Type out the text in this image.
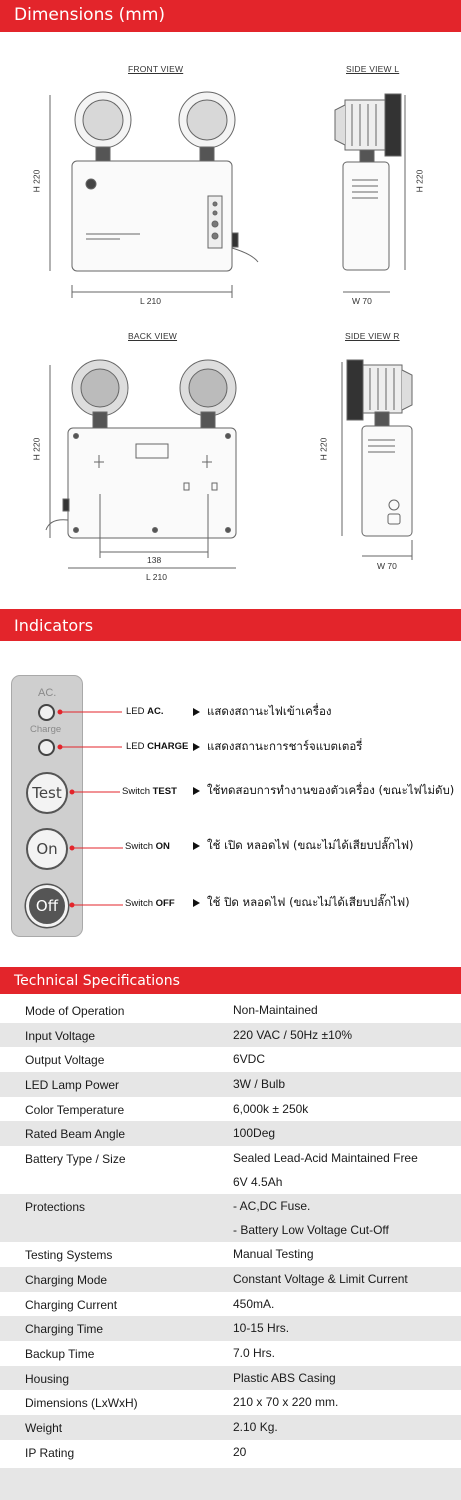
Dimensions (mm)
FRONT VIEW	SIDE VIEW L
BACK VIEW	SIDE VIEW R
H 220
L 210
H 220
W 70
H 220
138
L 210
H 220
W 70
Indicators
AC.
Charge
Test
On
Off
LED AC.	แสดงสถานะไฟเข้าเครื่อง
LED CHARGE	แสดงสถานะการชาร์จแบตเตอรี่
Switch TEST	ใช้ทดสอบการทำงานของตัวเครื่อง (ขณะไฟไม่ดับ)
Switch ON	ใช้ เปิด หลอดไฟ (ขณะไม่ได้เสียบปลั๊กไฟ)
Switch OFF	ใช้ ปิด หลอดไฟ (ขณะไม่ได้เสียบปลั๊กไฟ)
Technical Specifications
Mode of Operation	Non-Maintained
Input Voltage	220 VAC / 50Hz ±10%
Output Voltage	6VDC
LED Lamp Power	3W / Bulb
Color Temperature	6,000k ± 250k
Rated Beam Angle	100Deg
Battery Type / Size	Sealed Lead-Acid Maintained Free
6V 4.5Ah
Protections	- AC,DC Fuse.
- Battery Low Voltage Cut-Off
Testing Systems	Manual Testing
Charging Mode	Constant Voltage & Limit Current
Charging Current	450mA.
Charging Time	10-15 Hrs.
Backup Time	7.0 Hrs.
Housing	Plastic ABS Casing
Dimensions (LxWxH)	210 x 70 x 220 mm.
Weight	2.10 Kg.
IP Rating	20
